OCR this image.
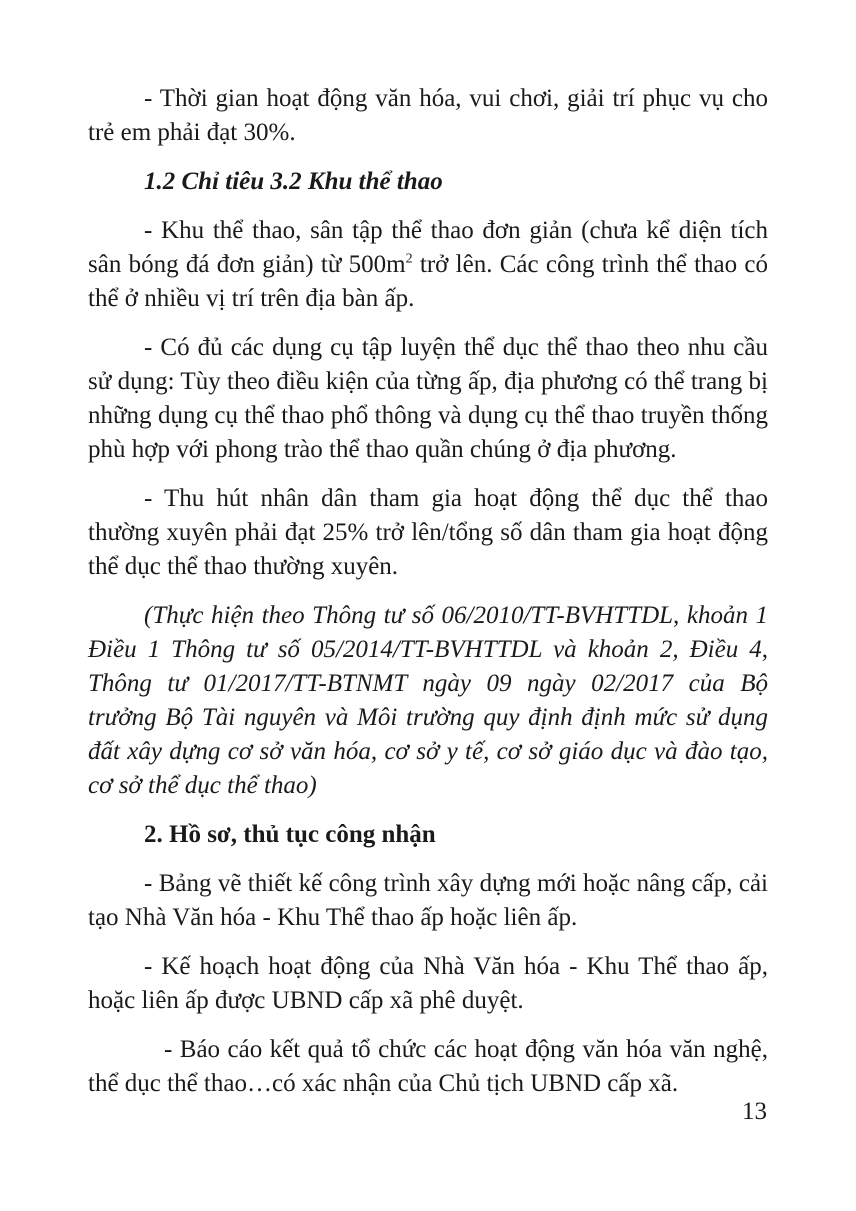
- Thời gian hoạt động văn hóa, vui chơi, giải trí phục vụ cho trẻ em phải đạt 30%.

1.2 Chỉ tiêu 3.2 Khu thể thao

- Khu thể thao, sân tập thể thao đơn giản (chưa kể diện tích sân bóng đá đơn giản) từ $500m^2$ trở lên. Các công trình thể thao có thể ở nhiều vị trí trên địa bàn ấp.

- Có đủ các dụng cụ tập luyện thể dục thể thao theo nhu cầu sử dụng: Tùy theo điều kiện của từng ấp, địa phương có thể trang bị những dụng cụ thể thao phổ thông và dụng cụ thể thao truyền thống phù hợp với phong trào thể thao quần chúng ở địa phương.

- Thu hút nhân dân tham gia hoạt động thể dục thể thao thường xuyên phải đạt 25% trở lên/tổng số dân tham gia hoạt động thể dục thể thao thường xuyên.

(Thực hiện theo Thông tư số 06/2010/TT-BVHTTDL, khoản 1 Điều 1 Thông tư số 05/2014/TT-BVHTTDL và khoản 2, Điều 4, Thông tư 01/2017/TT-BTNMT ngày 09 ngày 02/2017 của Bộ trưởng Bộ Tài nguyên và Môi trường quy định định mức sử dụng đất xây dựng cơ sở văn hóa, cơ sở y tế, cơ sở giáo dục và đào tạo, cơ sở thể dục thể thao)

2. Hồ sơ, thủ tục công nhận

- Bảng vẽ thiết kế công trình xây dựng mới hoặc nâng cấp, cải tạo Nhà Văn hóa - Khu Thể thao ấp hoặc liên ấp.

- Kế hoạch hoạt động của Nhà Văn hóa - Khu Thể thao ấp, hoặc liên ấp được UBND cấp xã phê duyệt.

- Báo cáo kết quả tổ chức các hoạt động văn hóa văn nghệ, thể dục thể thao…có xác nhận của Chủ tịch UBND cấp xã.

13
